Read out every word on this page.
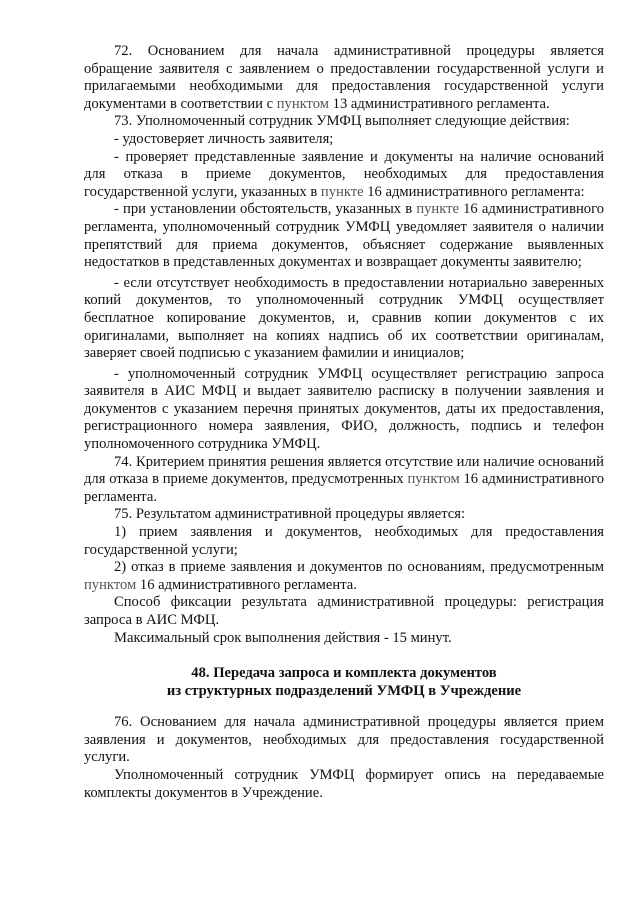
72. Основанием для начала административной процедуры является обращение заявителя с заявлением о предоставлении государственной услуги и прилагаемыми необходимыми для предоставления государственной услуги документами в соответствии с пунктом 13 административного регламента.

73. Уполномоченный сотрудник УМФЦ выполняет следующие действия:

- удостоверяет личность заявителя;

- проверяет представленные заявление и документы на наличие оснований для отказа в приеме документов, необходимых для предоставления государственной услуги, указанных в пункте 16 административного регламента:

- при установлении обстоятельств, указанных в пункте 16 административного регламента, уполномоченный сотрудник УМФЦ уведомляет заявителя о наличии препятствий для приема документов, объясняет содержание выявленных недостатков в представленных документах и возвращает документы заявителю;

- если отсутствует необходимость в предоставлении нотариально заверенных копий документов, то уполномоченный сотрудник УМФЦ осуществляет бесплатное копирование документов, и, сравнив копии документов с их оригиналами, выполняет на копиях надпись об их соответствии оригиналам, заверяет своей подписью с указанием фамилии и инициалов;

- уполномоченный сотрудник УМФЦ осуществляет регистрацию запроса заявителя в АИС МФЦ и выдает заявителю расписку в получении заявления и документов с указанием перечня принятых документов, даты их предоставления, регистрационного номера заявления, ФИО, должность, подпись и телефон уполномоченного сотрудника УМФЦ.

74. Критерием принятия решения является отсутствие или наличие оснований для отказа в приеме документов, предусмотренных пунктом 16 административного регламента.

75. Результатом административной процедуры является:

1) прием заявления и документов, необходимых для предоставления государственной услуги;

2) отказ в приеме заявления и документов по основаниям, предусмотренным пунктом 16 административного регламента.

Способ фиксации результата административной процедуры: регистрация запроса в АИС МФЦ.

Максимальный срок выполнения действия - 15 минут.

48. Передача запроса и комплекта документов
из структурных подразделений УМФЦ в Учреждение

76. Основанием для начала административной процедуры является прием заявления и документов, необходимых для предоставления государственной услуги.

Уполномоченный сотрудник УМФЦ формирует опись на передаваемые комплекты документов в Учреждение.
